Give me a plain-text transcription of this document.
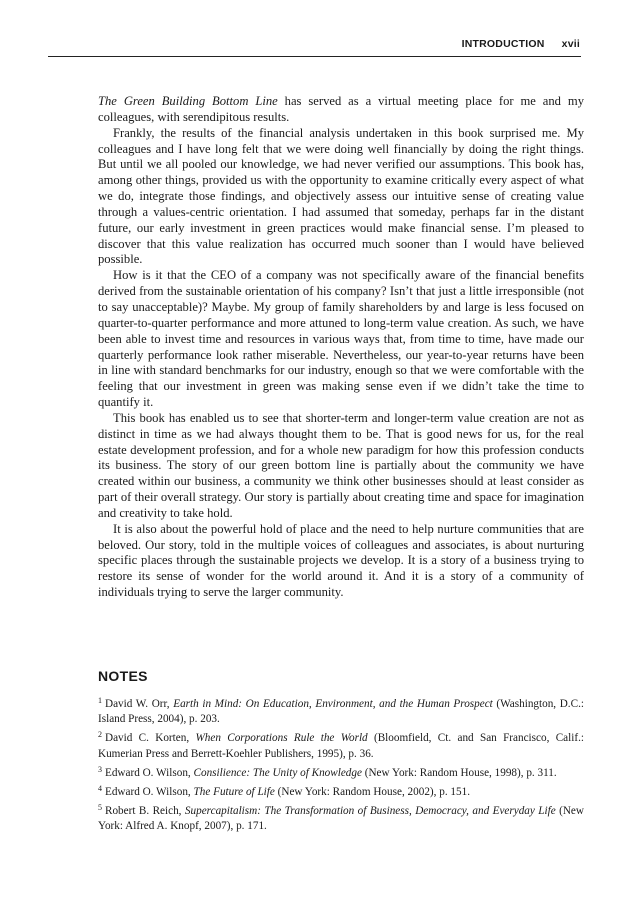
INTRODUCTION xvii

The Green Building Bottom Line has served as a virtual meeting place for me and my colleagues, with serendipitous results.

Frankly, the results of the financial analysis undertaken in this book surprised me. My colleagues and I have long felt that we were doing well financially by doing the right things. But until we all pooled our knowledge, we had never verified our assumptions. This book has, among other things, provided us with the opportunity to examine critically every aspect of what we do, integrate those findings, and objectively assess our intuitive sense of creating value through a values-centric orientation. I had assumed that someday, perhaps far in the distant future, our early investment in green practices would make financial sense. I’m pleased to discover that this value realization has occurred much sooner than I would have believed possible.

How is it that the CEO of a company was not specifically aware of the financial benefits derived from the sustainable orientation of his company? Isn’t that just a little irresponsible (not to say unacceptable)? Maybe. My group of family shareholders by and large is less focused on quarter-to-quarter performance and more attuned to long-term value creation. As such, we have been able to invest time and resources in various ways that, from time to time, have made our quarterly performance look rather miserable. Nevertheless, our year-to-year returns have been in line with standard benchmarks for our industry, enough so that we were comfortable with the feeling that our investment in green was making sense even if we didn’t take the time to quantify it.

This book has enabled us to see that shorter-term and longer-term value creation are not as distinct in time as we had always thought them to be. That is good news for us, for the real estate development profession, and for a whole new paradigm for how this profession conducts its business. The story of our green bottom line is partially about the community we have created within our business, a community we think other businesses should at least consider as part of their overall strategy. Our story is partially about creating time and space for imagination and creativity to take hold.

It is also about the powerful hold of place and the need to help nurture communities that are beloved. Our story, told in the multiple voices of colleagues and associates, is about nurturing specific places through the sustainable projects we develop. It is a story of a business trying to restore its sense of wonder for the world around it. And it is a story of a community of individuals trying to serve the larger community.

NOTES

$^1$ David W. Orr, Earth in Mind: On Education, Environment, and the Human Prospect (Washington, D.C.: Island Press, 2004), p. 203.

$^2$ David C. Korten, When Corporations Rule the World (Bloomfield, Ct. and San Francisco, Calif.: Kumerian Press and Berrett-Koehler Publishers, 1995), p. 36.

$^3$ Edward O. Wilson, Consilience: The Unity of Knowledge (New York: Random House, 1998), p. 311.

$^4$ Edward O. Wilson, The Future of Life (New York: Random House, 2002), p. 151.

$^5$ Robert B. Reich, Supercapitalism: The Transformation of Business, Democracy, and Everyday Life (New York: Alfred A. Knopf, 2007), p. 171.
